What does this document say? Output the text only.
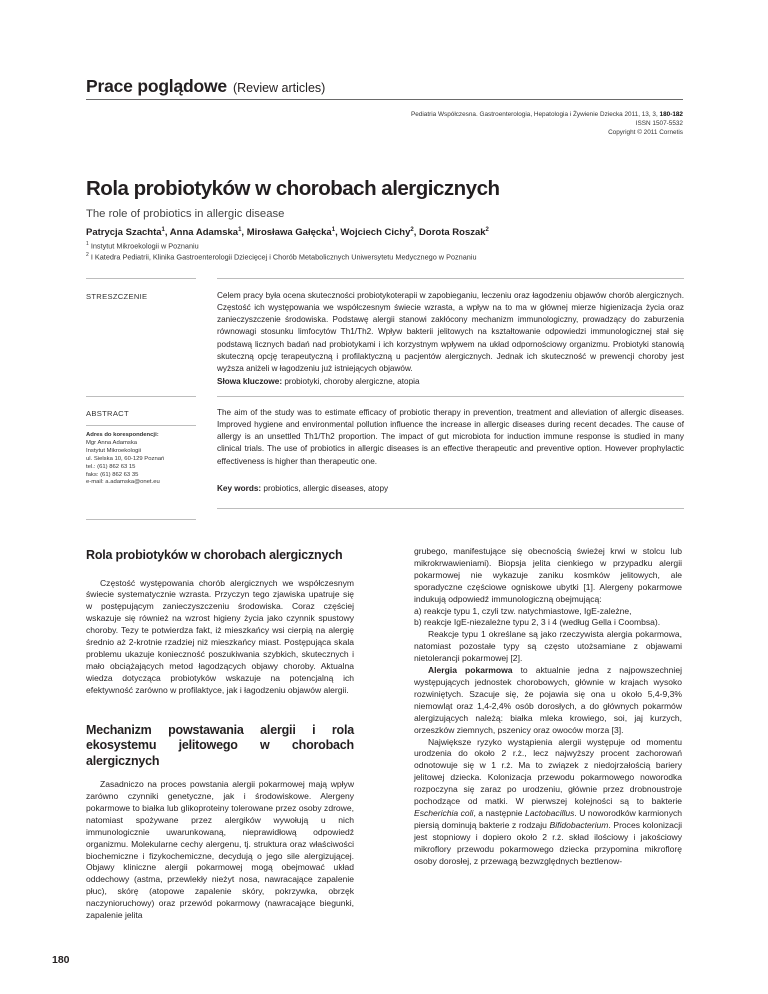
Prace poglądowe (Review articles)
Pediatria Współczesna. Gastroenterologia, Hepatologia i Żywienie Dziecka 2011, 13, 3, 180-182
ISSN 1507-5532
Copyright © 2011 Cornetis
Rola probiotyków w chorobach alergicznych
The role of probiotics in allergic disease
Patrycja Szachta$^1$, Anna Adamska$^1$, Mirosława Gałęcka$^1$, Wojciech Cichy$^2$, Dorota Roszak$^2$
$^1$ Instytut Mikroekologii w Poznaniu
$^2$ I Katedra Pediatrii, Klinika Gastroenterologii Dziecięcej i Chorób Metabolicznych Uniwersytetu Medycznego w Poznaniu
STRESZCZENIE	Celem pracy była ocena skuteczności probiotykoterapii w zapobieganiu, leczeniu oraz łagodzeniu objawów chorób alergicznych. Częstość ich występowania we współczesnym świecie wzrasta, a wpływ na to ma w głównej mierze higienizacja życia oraz zanieczyszczenie środowiska. Podstawę alergii stanowi zakłócony mechanizm immunologiczny, prowadzący do zaburzenia równowagi stosunku limfocytów Th1/Th2. Wpływ bakterii jelitowych na kształtowanie odpowiedzi immunologicznej stał się podstawą licznych badań nad probiotykami i ich korzystnym wpływem na układ odpornościowy organizmu. Probiotyki stanowią skuteczną opcję terapeutyczną i profilaktyczną u pacjentów alergicznych. Jednak ich skuteczność w prewencji choroby jest wyższa aniżeli w łagodzeniu już istniejących objawów.
Słowa kluczowe: probiotyki, choroby alergiczne, atopia
ABSTRACT	The aim of the study was to estimate efficacy of probiotic therapy in prevention, treatment and alleviation of allergic diseases. Improved hygiene and environmental pollution influence the increase in allergic diseases during recent decades. The cause of allergy is an unsettled Th1/Th2 proportion. The impact of gut microbiota for induction immune response is studied in many clinical trials. The use of probiotics in allergic diseases is an effective therapeutic and preventive option. However prophylactic effectiveness is higher than therapeutic one.
Key words: probiotics, allergic diseases, atopy
Adres do korespondencji:
Mgr Anna Adamska
Instytut Mikroekologii
ul. Sielska 10, 60-129 Poznań
tel.: (61) 862 63 15
faks: (61) 862 63 35
e-mail: a.adamska@onet.eu
Rola probiotyków w chorobach alergicznych

Częstość występowania chorób alergicznych we współczesnym świecie systematycznie wzrasta. Przyczyn tego zjawiska upatruje się w postępującym zanieczyszczeniu środowiska. Coraz częściej wskazuje się również na wzrost higieny życia jako czynnik spustowy choroby. Tezy te potwierdza fakt, iż mieszkańcy wsi cierpią na alergię średnio aż 2-krotnie rzadziej niż mieszkańcy miast. Postępująca skala problemu ukazuje konieczność poszukiwania szybkich, skutecznych i mało obciążających metod łagodzących objawy choroby. Aktualna wiedza dotycząca probiotyków wskazuje na potencjalną ich efektywność zarówno w profilaktyce, jak i łagodzeniu objawów alergii.

Mechanizm powstawania alergii i rola ekosystemu jelitowego w chorobach alergicznych

Zasadniczo na proces powstania alergii pokarmowej mają wpływ zarówno czynniki genetyczne, jak i środowiskowe. Alergeny pokarmowe to białka lub glikoproteiny tolerowane przez osoby zdrowe, natomiast spożywane przez alergików wywołują u nich immunologicznie uwarunkowaną, nieprawidłową odpowiedź organizmu. Molekularne cechy alergenu, tj. struktura oraz właściwości biochemiczne i fizykochemiczne, decydują o jego sile alergizującej. Objawy kliniczne alergii pokarmowej mogą obejmować układ oddechowy (astma, przewlekły nieżyt nosa, nawracające zapalenie płuc), skórę (atopowe zapalenie skóry, pokrzywka, obrzęk naczynioruchowy) oraz przewód pokarmowy (nawracające biegunki, zapalenie jelita

grubego, manifestujące się obecnością świeżej krwi w stolcu lub mikrokrwawieniami). Biopsja jelita cienkiego w przypadku alergii pokarmowej nie wykazuje zaniku kosmków jelitowych, ale sporadyczne częściowe ogniskowe ubytki [1]. Alergeny pokarmowe indukują odpowiedź immunologiczną obejmującą:

a) reakcje typu 1, czyli tzw. natychmiastowe, IgE-zależne,
b) reakcje IgE-niezależne typu 2, 3 i 4 (według Gella i Coombsa).

Reakcje typu 1 określane są jako rzeczywista alergia pokarmowa, natomiast pozostałe typy są często utożsamiane z objawami nietolerancji pokarmowej [2].

Alergia pokarmowa to aktualnie jedna z najpowszechniej występujących jednostek chorobowych, głównie w krajach wysoko rozwiniętych. Szacuje się, że pojawia się ona u około 5,4-9,3% niemowląt oraz 1,4-2,4% osób dorosłych, a do głównych pokarmów alergizujących należą: białka mleka krowiego, soi, jaj kurzych, orzeszków ziemnych, pszenicy oraz owoców morza [3].

Największe ryzyko wystąpienia alergii występuje od momentu urodzenia do około 2 r.ż., lecz najwyższy procent zachorowań odnotowuje się w 1 r.ż. Ma to związek z niedojrzałością bariery jelitowej dziecka. Kolonizacja przewodu pokarmowego noworodka rozpoczyna się zaraz po urodzeniu, głównie przez drobnoustroje pochodzące od matki. W pierwszej kolejności są to bakterie Escherichia coli, a następnie Lactobacillus. U noworodków karmionych piersią dominują bakterie z rodzaju Bifidobacterium. Proces kolonizacji jest stopniowy i dopiero około 2 r.ż. skład ilościowy i jakościowy mikroflory przewodu pokarmowego dziecka przypomina mikroflorę osoby dorosłej, z przewagą bezwzględnych beztlenow-

180
